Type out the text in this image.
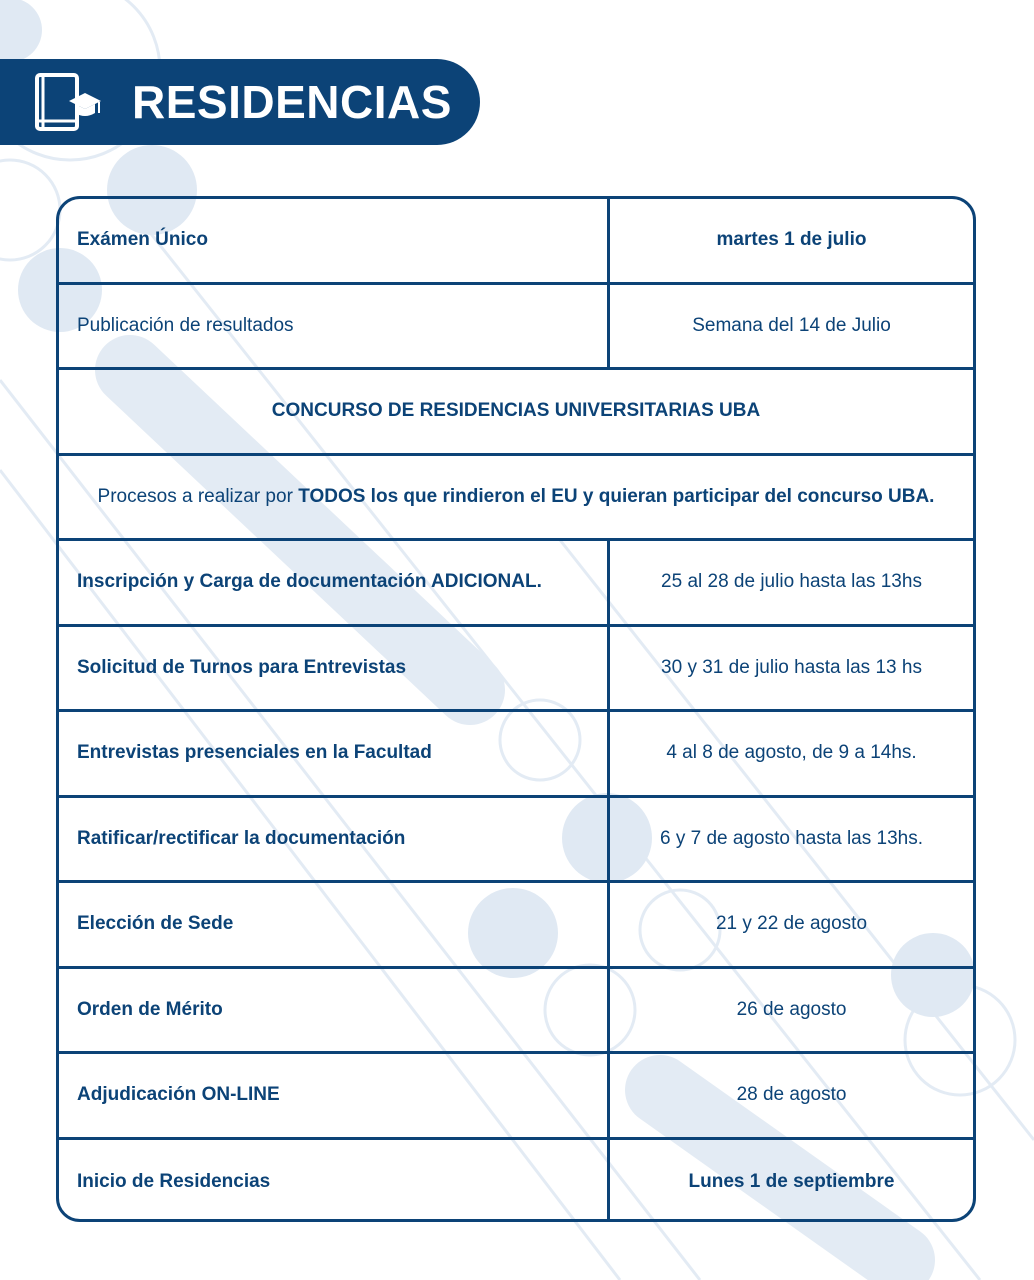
RESIDENCIAS
Exámen Único	martes 1 de julio
Publicación de resultados	Semana del 14 de Julio
CONCURSO DE RESIDENCIAS UNIVERSITARIAS UBA
Procesos a realizar por TODOS los que rindieron el EU y quieran participar del concurso UBA.
Inscripción y Carga de documentación ADICIONAL.	25 al 28 de julio hasta las 13hs
Solicitud de Turnos para Entrevistas	30 y 31 de julio hasta las 13 hs
Entrevistas presenciales en la Facultad	4 al 8 de agosto, de 9 a 14hs.
Ratificar/rectificar la documentación	6 y 7 de agosto hasta las 13hs.
Elección de Sede	21 y 22 de agosto
Orden de Mérito	26 de agosto
Adjudicación ON-LINE	28 de agosto
Inicio de Residencias	Lunes 1 de septiembre
